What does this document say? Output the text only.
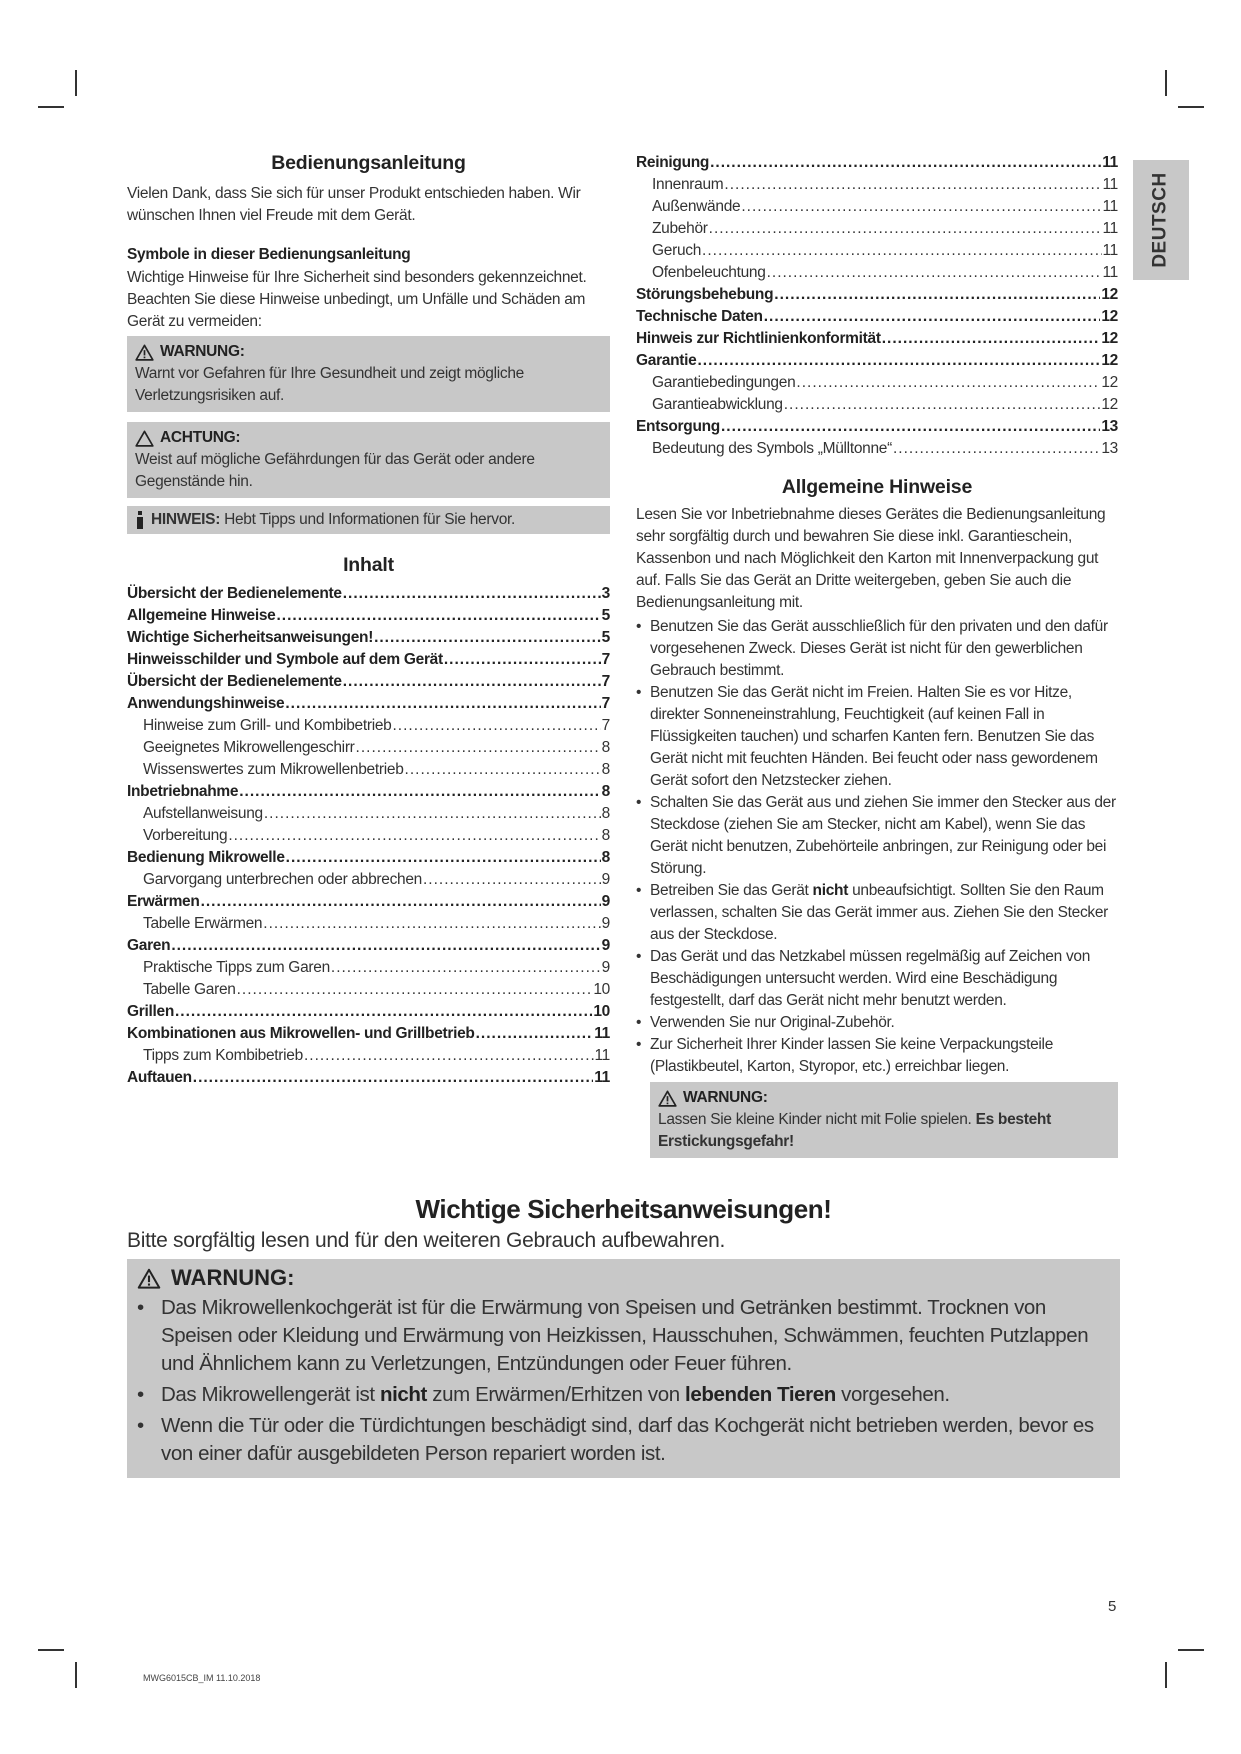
Bedienungsanleitung
Vielen Dank, dass Sie sich für unser Produkt entschieden haben. Wir wünschen Ihnen viel Freude mit dem Gerät.
Symbole in dieser Bedienungsanleitung
Wichtige Hinweise für Ihre Sicherheit sind besonders gekennzeichnet. Beachten Sie diese Hinweise unbedingt, um Unfälle und Schäden am Gerät zu vermeiden:
WARNUNG:
Warnt vor Gefahren für Ihre Gesundheit und zeigt mögliche Verletzungsrisiken auf.
ACHTUNG:
Weist auf mögliche Gefährdungen für das Gerät oder andere Gegenstände hin.
HINWEIS: Hebt Tipps und Informationen für Sie hervor.
Inhalt
Übersicht der Bedienelemente .....	3
Allgemeine Hinweise .....	5
Wichtige Sicherheitsanweisungen! .....	5
Hinweisschilder und Symbole auf dem Gerät .....	7
Übersicht der Bedienelemente .....	7
Anwendungshinweise .....	7
Hinweise zum Grill- und Kombibetrieb .....	7
Geeignetes Mikrowellengeschirr .....	8
Wissenswertes zum Mikrowellenbetrieb .....	8
Inbetriebnahme .....	8
Aufstellanweisung .....	8
Vorbereitung .....	8
Bedienung Mikrowelle .....	8
Garvorgang unterbrechen oder abbrechen .....	9
Erwärmen .....	9
Tabelle Erwärmen .....	9
Garen .....	9
Praktische Tipps zum Garen .....	9
Tabelle Garen .....	10
Grillen .....	10
Kombinationen aus Mikrowellen- und Grillbetrieb .....	11
Tipps zum Kombibetrieb .....	11
Auftauen .....	11
Reinigung .....	11
Innenraum .....	11
Außenwände .....	11
Zubehör .....	11
Geruch .....	11
Ofenbeleuchtung .....	11
Störungsbehebung .....	12
Technische Daten .....	12
Hinweis zur Richtlinienkonformität .....	12
Garantie .....	12
Garantiebedingungen .....	12
Garantieabwicklung .....	12
Entsorgung .....	13
Bedeutung des Symbols „Mülltonne“ .....	13
Allgemeine Hinweise
Lesen Sie vor Inbetriebnahme dieses Gerätes die Bedienungsanleitung sehr sorgfältig durch und bewahren Sie diese inkl. Garantieschein, Kassenbon und nach Möglichkeit den Karton mit Innenverpackung gut auf. Falls Sie das Gerät an Dritte weitergeben, geben Sie auch die Bedienungsanleitung mit.
• Benutzen Sie das Gerät ausschließlich für den privaten und den dafür vorgesehenen Zweck. Dieses Gerät ist nicht für den gewerblichen Gebrauch bestimmt.
• Benutzen Sie das Gerät nicht im Freien. Halten Sie es vor Hitze, direkter Sonneneinstrahlung, Feuchtigkeit (auf keinen Fall in Flüssigkeiten tauchen) und scharfen Kanten fern. Benutzen Sie das Gerät nicht mit feuchten Händen. Bei feucht oder nass gewordenem Gerät sofort den Netzstecker ziehen.
• Schalten Sie das Gerät aus und ziehen Sie immer den Stecker aus der Steckdose (ziehen Sie am Stecker, nicht am Kabel), wenn Sie das Gerät nicht benutzen, Zubehörteile anbringen, zur Reinigung oder bei Störung.
• Betreiben Sie das Gerät nicht unbeaufsichtigt. Sollten Sie den Raum verlassen, schalten Sie das Gerät immer aus. Ziehen Sie den Stecker aus der Steckdose.
• Das Gerät und das Netzkabel müssen regelmäßig auf Zeichen von Beschädigungen untersucht werden. Wird eine Beschädigung festgestellt, darf das Gerät nicht mehr benutzt werden.
• Verwenden Sie nur Original-Zubehör.
• Zur Sicherheit Ihrer Kinder lassen Sie keine Verpackungsteile (Plastikbeutel, Karton, Styropor, etc.) erreichbar liegen.
WARNUNG:
Lassen Sie kleine Kinder nicht mit Folie spielen. Es besteht Erstickungsgefahr!
DEUTSCH
Wichtige Sicherheitsanweisungen!
Bitte sorgfältig lesen und für den weiteren Gebrauch aufbewahren.
WARNUNG:
• Das Mikrowellenkochgerät ist für die Erwärmung von Speisen und Getränken bestimmt. Trocknen von Speisen oder Kleidung und Erwärmung von Heizkissen, Hausschuhen, Schwämmen, feuchten Putzlappen und Ähnlichem kann zu Verletzungen, Entzündungen oder Feuer führen.
• Das Mikrowellengerät ist nicht zum Erwärmen/Erhitzen von lebenden Tieren vorgesehen.
• Wenn die Tür oder die Türdichtungen beschädigt sind, darf das Kochgerät nicht betrieben werden, bevor es von einer dafür ausgebildeten Person repariert worden ist.
5
MWG6015CB_IM 11.10.2018
